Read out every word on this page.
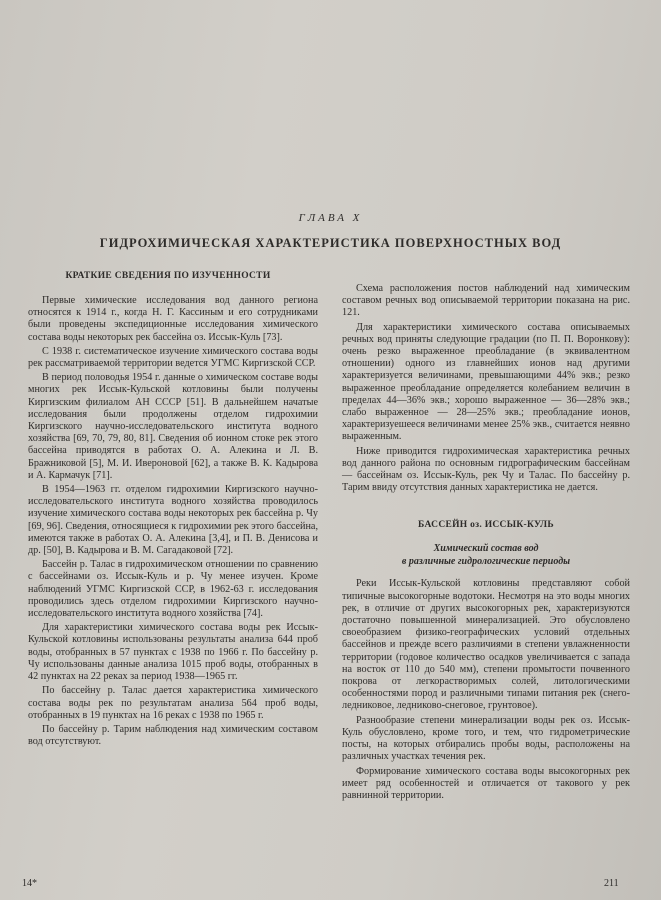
ГЛАВА X
ГИДРОХИМИЧЕСКАЯ ХАРАКТЕРИСТИКА ПОВЕРХНОСТНЫХ ВОД
КРАТКИЕ СВЕДЕНИЯ ПО ИЗУЧЕННОСТИ

Первые химические исследования вод данного региона относятся к 1914 г., когда Н. Г. Кассиным и его сотрудниками были проведены экспедиционные исследования химического состава воды некоторых рек бассейна оз. Иссык-Куль [73].

С 1938 г. систематическое изучение химического состава воды рек рассматриваемой территории ведется УГМС Киргизской ССР.

В период половодья 1954 г. данные о химическом составе воды многих рек Иссык-Кульской котловины были получены Киргизским филиалом АН СССР [51]. В дальнейшем начатые исследования были продолжены отделом гидрохимии Киргизского научно-исследовательского института водного хозяйства [69, 70, 79, 80, 81]. Сведения об ионном стоке рек этого бассейна приводятся в работах О. А. Алекина и Л. В. Бражниковой [5], М. И. Ивероновой [62], а также В. К. Кадырова и А. Кармачук [71].

В 1954—1963 гг. отделом гидрохимии Киргизского научно-исследовательского института водного хозяйства проводилось изучение химического состава воды некоторых рек бассейна р. Чу [69, 96]. Сведения, относящиеся к гидрохимии рек этого бассейна, имеются также в работах О. А. Алекина [3,4], и П. В. Денисова и др. [50], В. Кадырова и В. М. Сагадаковой [72].

Бассейн р. Талас в гидрохимическом отношении по сравнению с бассейнами оз. Иссык-Куль и р. Чу менее изучен. Кроме наблюдений УГМС Киргизской ССР, в 1962-63 г. исследования проводились здесь отделом гидрохимии Киргизского научно-исследовательского института водного хозяйства [74].

Для характеристики химического состава воды рек Иссык-Кульской котловины использованы результаты анализа 644 проб воды, отобранных в 57 пунктах с 1938 по 1966 г. По бассейну р. Чу использованы данные анализа 1015 проб воды, отобранных в 42 пунктах на 22 реках за период 1938—1965 гг.

По бассейну р. Талас дается характеристика химического состава воды рек по результатам анализа 564 проб воды, отобранных в 19 пунктах на 16 реках с 1938 по 1965 г.

По бассейну р. Тарим наблюдения над химическим составом вод отсутствуют.

Схема расположения постов наблюдений над химическим составом речных вод описываемой территории показана на рис. 121.

Для характеристики химического состава описываемых речных вод приняты следующие градации (по П. П. Воронкову): очень резко выраженное преобладание (в эквивалентном отношении) одного из главнейших ионов над другими характеризуется величинами, превышающими 44% экв.; резко выраженное преобладание определяется колебанием величин в пределах 44—36% экв.; хорошо выраженное — 36—28% экв.; слабо выраженное — 28—25% экв.; преобладание ионов, характеризуешееся величинами менее 25% экв., считается неявно выраженным.

Ниже приводится гидрохимическая характеристика речных вод данного района по основным гидрографическим бассейнам — бассейнам оз. Иссык-Куль, рек Чу и Талас. По бассейну р. Тарим ввиду отсутствия данных характеристика не дается.

БАССЕЙН оз. ИССЫК-КУЛЬ
Химический состав вод
в различные гидрологические периоды

Реки Иссык-Кульской котловины представляют собой типичные высокогорные водотоки. Несмотря на это воды многих рек, в отличие от других высокогорных рек, характеризуются достаточно повышенной минерализацией. Это обусловлено своеобразием физико-географических условий отдельных бассейнов и прежде всего различиями в степени увлажненности территории (годовое количество осадков увеличивается с запада на восток от 110 до 540 мм), степени промытости почвенного покрова от легкорастворимых солей, литологическими особенностями пород и различными типами питания рек (снего-ледниковое, ледниково-снеговое, грунтовое).

Разнообразие степени минерализации воды рек оз. Иссык-Куль обусловлено, кроме того, и тем, что гидрометрические посты, на которых отбирались пробы воды, расположены на различных участках течения рек.

Формирование химического состава воды высокогорных рек имеет ряд особенностей и отличается от такового у рек равнинной территории.

14*	211
